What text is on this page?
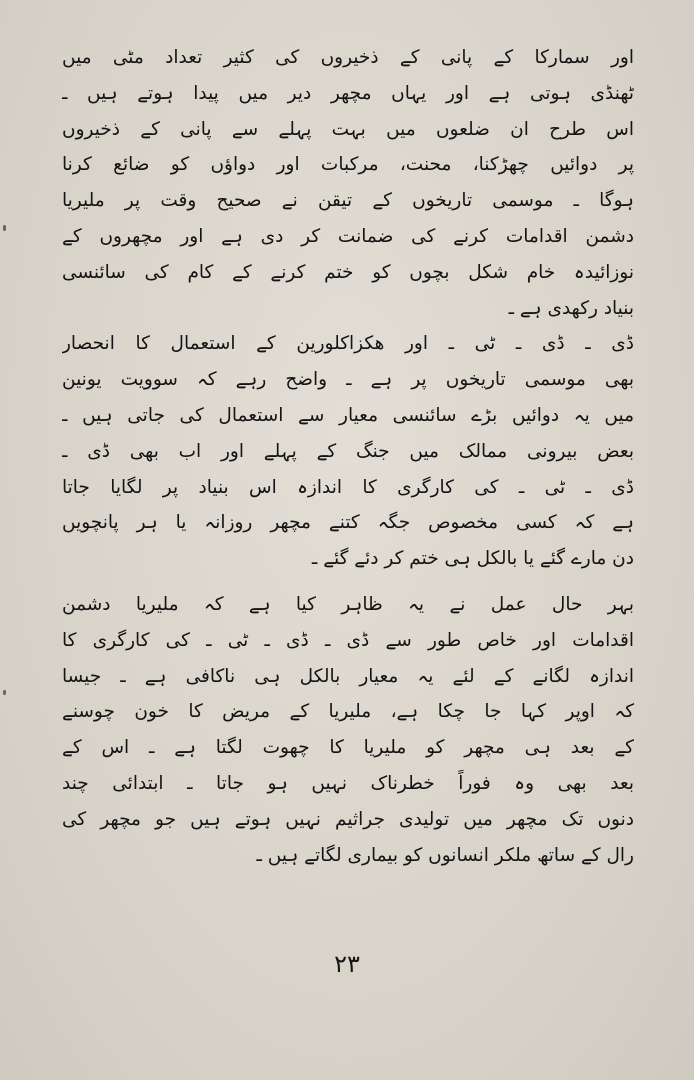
اور سمارکا کے پانی کے ذخیروں کی کثیر تعداد مٹی میں
ٹھنڈی ہوتی ہے اور یہاں مچھر دیر میں پیدا ہوتے ہیں ـ
اس طرح ان ضلعوں میں بہت پہلے سے پانی کے ذخیروں
پر دوائیں چھڑکنا، محنت، مرکبات اور دواؤں کو ضائع کرنا
ہوگا ـ موسمی تاریخوں کے تیقن نے صحیح وقت پر ملیریا
دشمن اقدامات کرنے کی ضمانت کر دی ہے اور مچھروں کے
نوزائیدہ خام شکل بچوں کو ختم کرنے کے کام کی سائنسی
بنیاد رکھدی ہے ـ
ڈی ـ ڈی ـ ٹی ـ اور ھکزاکلورین کے استعمال کا انحصار
بھی موسمی تاریخوں پر ہے ـ واضح رہے کہ سوویت یونین
میں یہ دوائیں بڑے سائنسی معیار سے استعمال کی جاتی ہیں ـ
بعض بیرونی ممالک میں جنگ کے پہلے اور اب بھی ڈی ـ
ڈی ـ ٹی ـ کی کارگری کا اندازہ اس بنیاد پر لگایا جاتا
ہے کہ کسی مخصوص جگہ کتنے مچھر روزانہ یا ہر پانچویں
دن مارے گئے یا بالکل ہی ختم کر دئے گئے ـ
بہر حال عمل نے یہ ظاہر کیا ہے کہ ملیریا دشمن
اقدامات اور خاص طور سے ڈی ـ ڈی ـ ٹی ـ کی کارگری کا
اندازہ لگانے کے لئے یہ معیار بالکل ہی ناکافی ہے ـ جیسا
کہ اوپر کہا جا چکا ہے، ملیریا کے مریض کا خون چوسنے
کے بعد ہی مچھر کو ملیریا کا چھوت لگتا ہے ـ اس کے
بعد بھی وہ فوراً خطرناک نہیں ہو جاتا ـ ابتدائی چند
دنوں تک مچھر میں تولیدی جراثیم نہیں ہوتے ہیں جو مچھر کی
رال کے ساتھ ملکر انسانوں کو بیماری لگاتے ہیں ـ
۲۳
